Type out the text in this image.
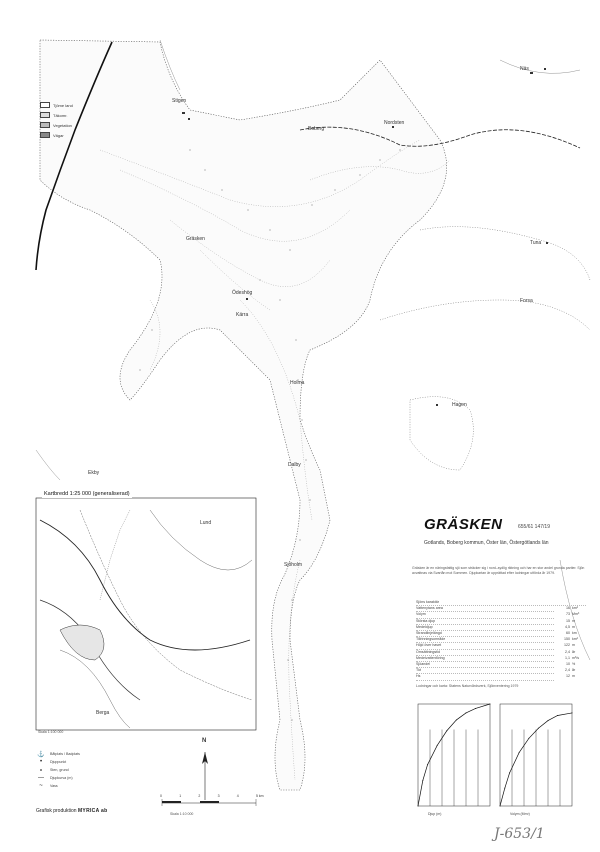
Tjöme land
Täkomr.
Vegetation
Vägar
Gräsken
Ödeshög
Stigen
Nordsten
Boberg
Kärra
Holma
Dalby
Sjöholm
Tuna
Hagen
Ekby
Berga
Lund
Forsa
Näs
Kartbredd 1:25 000 (generaliserad)
Skala 1:100 000
GRÄSKEN	655/61 147/19
Gotlands, Boberg kommun, Öster län, Östergötlands län
Gräsken är en näringsfattig sjö som sträcker sig i nord–sydlig riktning och har en stor andel grunda partier. Sjön avvattnas via Svartån mot Sommen. Djupkartan är upprättad efter lodningar utförda år 1979.
Sjöns karaktär
Vattenytans area	16 km²
Volym	73 Mm³
Största djup	15 m
Medeldjup	4,5 m
Strandlinjelängd	60 km
Tillrinningsområde	150 km²
Höjd över havet	122 m
Omsättningstid	2,4 år
Medelvattenföring	1,1 m³/s
Sjöandel	10 %
Tkt	2,4 år
Hs	12 m
Lodningar och karta: Statens Naturvårdsverk, Sjöinventering 1979
⚓	Båtplats / Badplats
•	Djuppunkt
∘	Sten, grund
—	Djupkurva (m)
~	Vass
Grafisk produktion MYRICA ab
N
0	1	2	3	4	5 km
Skala 1:10 000	Djup (m)	Volym (Mm³)
J-653/1
